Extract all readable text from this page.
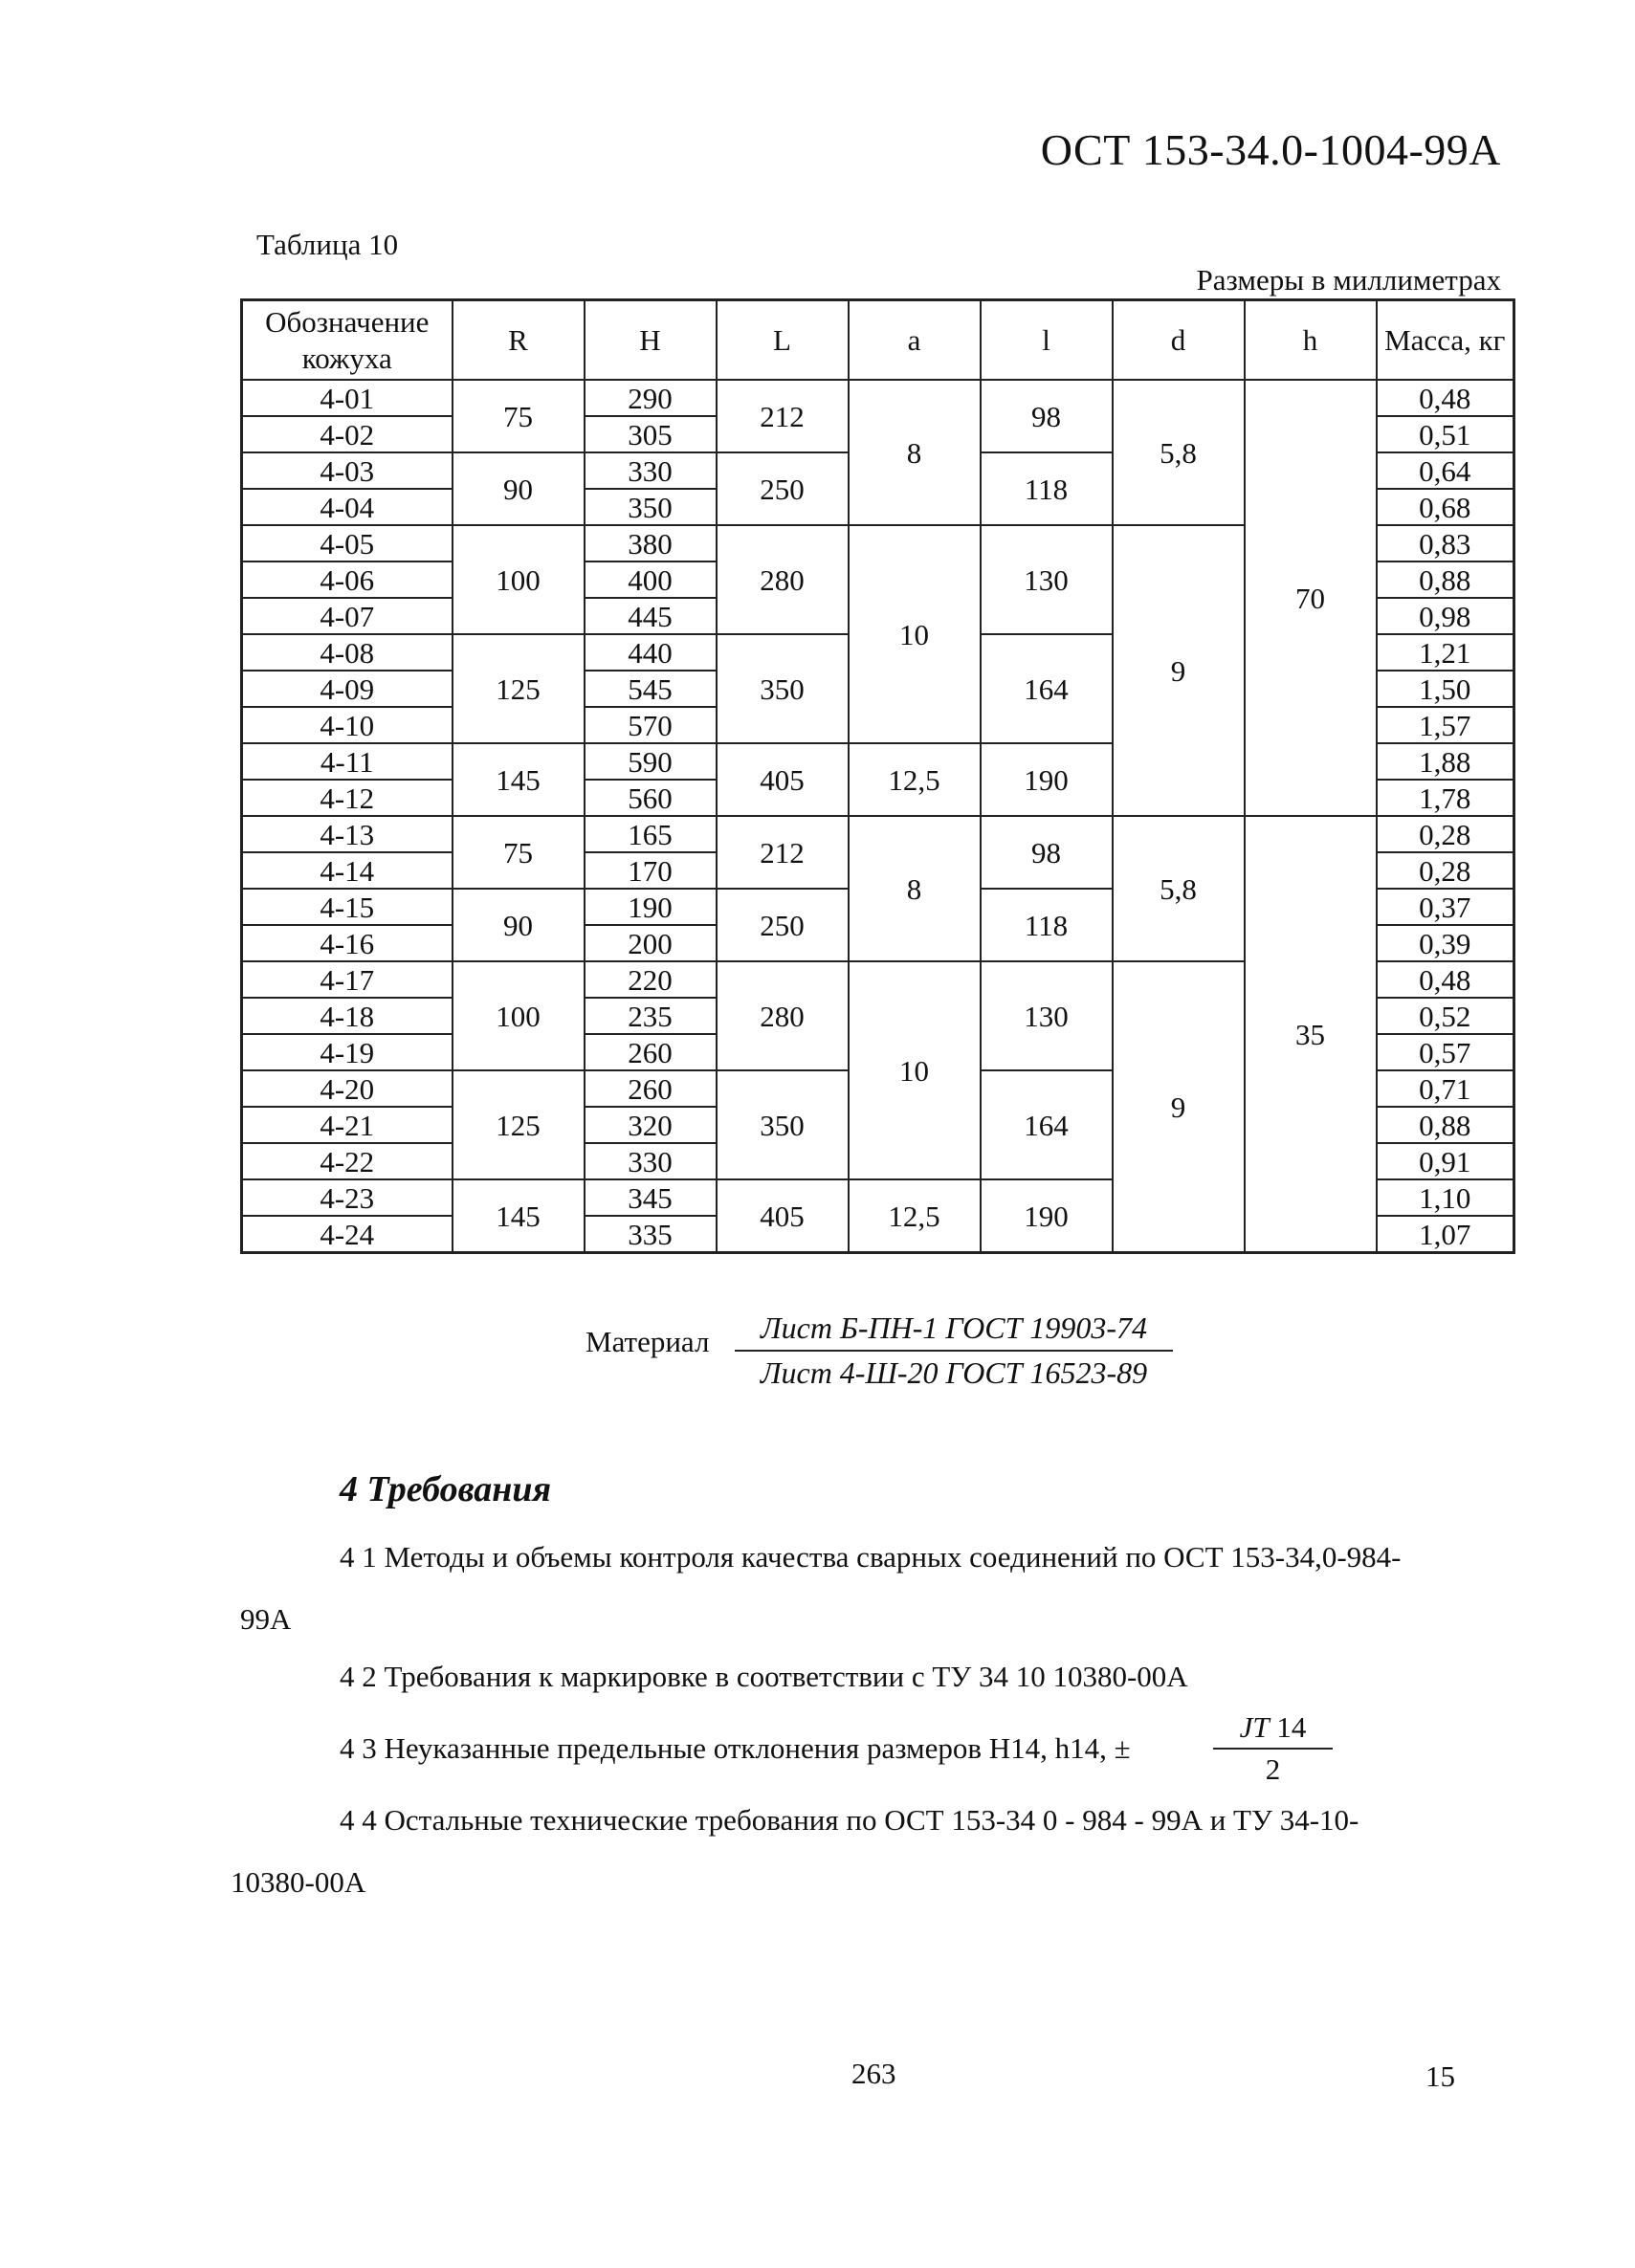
ОСТ 153-34.0-1004-99А
Таблица 10
Размеры в миллиметрах
Обозначение кожуха	R	H	L	a	l	d	h	Масса, кг
4-01	75	290	212	8	98	5,8	70	0,48
4-02		305						0,51
4-03	90	330	250		118			0,64
4-04		350						0,68
4-05	100	380	280	10	130	9		0,83
4-06		400						0,88
4-07		445						0,98
4-08	125	440	350		164			1,21
4-09		545						1,50
4-10		570						1,57
4-11	145	590	405	12,5	190			1,88
4-12		560						1,78
4-13	75	165	212	8	98	5,8	35	0,28
4-14		170						0,28
4-15	90	190	250		118			0,37
4-16		200						0,39
4-17	100	220	280	10	130	9		0,48
4-18		235						0,52
4-19		260						0,57
4-20	125	260	350		164			0,71
4-21		320						0,88
4-22		330						0,91
4-23	145	345	405	12,5	190			1,10
4-24		335						1,07
Материал	Лист Б-ПН-1 ГОСТ 19903-74
Лист 4-Ш-20 ГОСТ 16523-89
4 Требования
4 1 Методы и объемы контроля качества сварных соединений по ОСТ 153-34,0-984-
99А
4 2 Требования к маркировке в соответствии с ТУ 34 10 10380-00А
4 3 Неуказанные предельные отклонения размеров H14, h14, ±	$\frac{JT 14}{2}$
4 4 Остальные технические требования по ОСТ 153-34 0 - 984 - 99А и ТУ 34-10-
10380-00А
263	15
